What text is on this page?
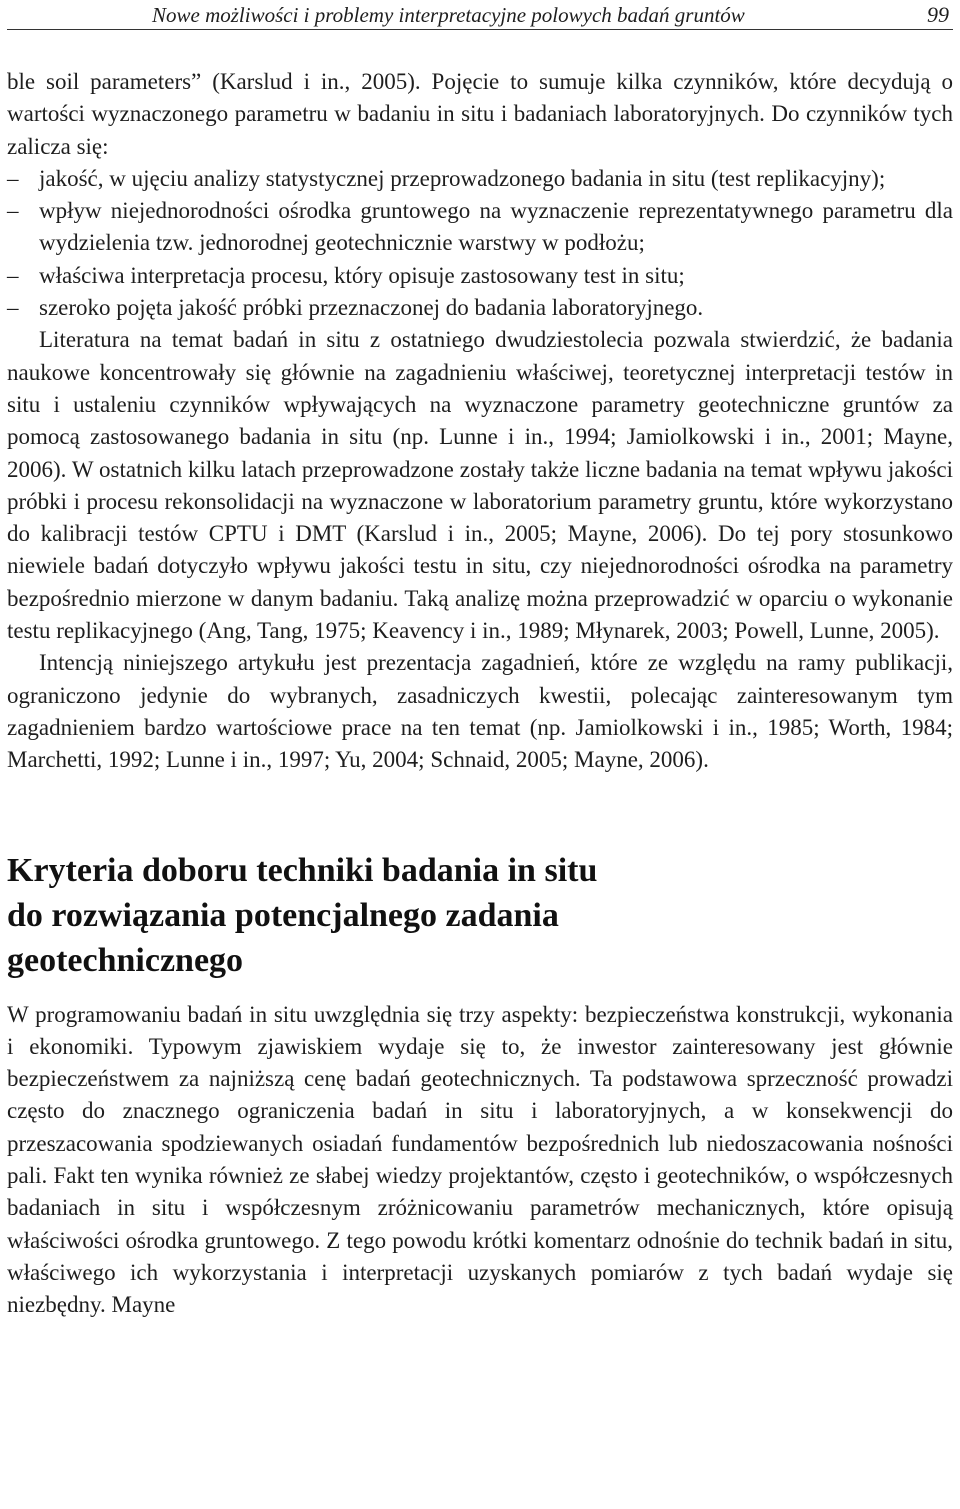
Nowe możliwości i problemy interpretacyjne polowych badań gruntów	99

ble soil parameters” (Karslud i in., 2005). Pojęcie to sumuje kilka czynników, które decydują o wartości wyznaczonego parametru w badaniu in situ i badaniach laboratoryjnych. Do czynników tych zalicza się:

– jakość, w ujęciu analizy statystycznej przeprowadzonego badania in situ (test replikacyjny);
– wpływ niejednorodności ośrodka gruntowego na wyznaczenie reprezentatywnego parametru dla wydzielenia tzw. jednorodnej geotechnicznie warstwy w podłożu;
– właściwa interpretacja procesu, który opisuje zastosowany test in situ;
– szeroko pojęta jakość próbki przeznaczonej do badania laboratoryjnego.

Literatura na temat badań in situ z ostatniego dwudziestolecia pozwala stwierdzić, że badania naukowe koncentrowały się głównie na zagadnieniu właściwej, teoretycznej interpretacji testów in situ i ustaleniu czynników wpływających na wyznaczone parametry geotechniczne gruntów za pomocą zastosowanego badania in situ (np. Lunne i in., 1994; Jamiolkowski i in., 2001; Mayne, 2006). W ostatnich kilku latach przeprowadzone zostały także liczne badania na temat wpływu jakości próbki i procesu rekonsolidacji na wyznaczone w laboratorium parametry gruntu, które wykorzystano do kalibracji testów CPTU i DMT (Karslud i in., 2005; Mayne, 2006). Do tej pory stosunkowo niewiele badań dotyczyło wpływu jakości testu in situ, czy niejednorodności ośrodka na parametry bezpośrednio mierzone w danym badaniu. Taką analizę można przeprowadzić w oparciu o wykonanie testu replikacyjnego (Ang, Tang, 1975; Keavency i in., 1989; Młynarek, 2003; Powell, Lunne, 2005).

Intencją niniejszego artykułu jest prezentacja zagadnień, które ze względu na ramy publikacji, ograniczono jedynie do wybranych, zasadniczych kwestii, polecając zainteresowanym tym zagadnieniem bardzo wartościowe prace na ten temat (np. Jamiolkowski i in., 1985; Worth, 1984; Marchetti, 1992; Lunne i in., 1997; Yu, 2004; Schnaid, 2005; Mayne, 2006).

Kryteria doboru techniki badania in situ
do rozwiązania potencjalnego zadania
geotechnicznego

W programowaniu badań in situ uwzględnia się trzy aspekty: bezpieczeństwa konstrukcji, wykonania i ekonomiki. Typowym zjawiskiem wydaje się to, że inwestor zainteresowany jest głównie bezpieczeństwem za najniższą cenę badań geotechnicznych. Ta podstawowa sprzeczność prowadzi często do znacznego ograniczenia badań in situ i laboratoryjnych, a w konsekwencji do przeszacowania spodziewanych osiadań fundamentów bezpośrednich lub niedoszacowania nośności pali. Fakt ten wynika również ze słabej wiedzy projektantów, często i geotechników, o współczesnych badaniach in situ i współczesnym zróżnicowaniu parametrów mechanicznych, które opisują właściwości ośrodka gruntowego. Z tego powodu krótki komentarz odnośnie do technik badań in situ, właściwego ich wykorzystania i interpretacji uzyskanych pomiarów z tych badań wydaje się niezbędny. Mayne
